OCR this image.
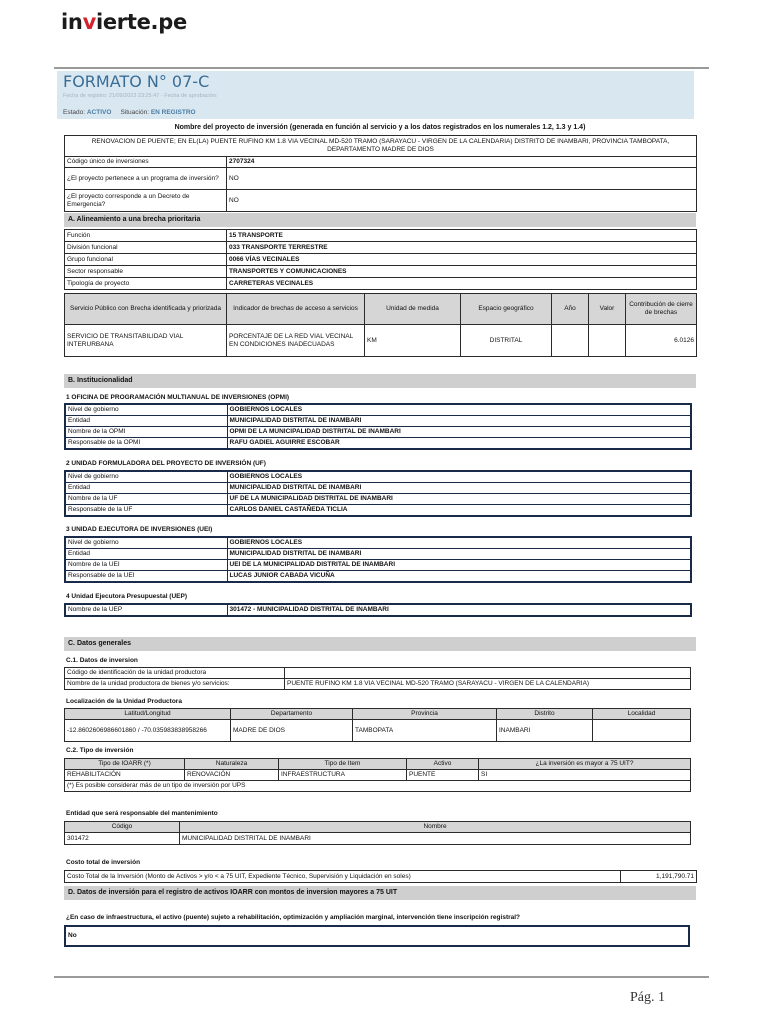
invierte.pe
FORMATO N° 07-C
Fecha de registro: 21/09/2023 23:25:47 - Fecha de aprobación:
Estado: ACTIVO Situación: EN REGISTRO
Nombre del proyecto de inversión (generada en función al servicio y a los datos registrados en los numerales 1.2, 1.3 y 1.4)
RENOVACION DE PUENTE; EN EL(LA) PUENTE RUFINO KM 1.8 VIA VECINAL MD-520 TRAMO (SARAYACU - VIRGEN DE LA CALENDARIA) DISTRITO DE INAMBARI, PROVINCIA TAMBOPATA, DEPARTAMENTO MADRE DE DIOS	
Código único de inversiones	2707324
¿El proyecto pertenece a un programa de inversión?	NO
¿El proyecto corresponde a un Decreto de Emergencia?	NO
A. Alineamiento a una brecha prioritaria
Función	15 TRANSPORTE
División funcional	033 TRANSPORTE TERRESTRE
Grupo funcional	0066 VÍAS VECINALES
Sector responsable	TRANSPORTES Y COMUNICACIONES
Tipología de proyecto	CARRETERAS VECINALES
Servicio Público con Brecha identificada y priorizada	Indicador de brechas de acceso a servicios	Unidad de medida	Espacio geográfico	Año	Valor	Contribución de cierre de brechas
SERVICIO DE TRANSITABILIDAD VIAL INTERURBANA	PORCENTAJE DE LA RED VIAL VECINAL EN CONDICIONES INADECUADAS	KM	DISTRITAL			6.0126
B. Institucionalidad
1 OFICINA DE PROGRAMACIÓN MULTIANUAL DE INVERSIONES (OPMI)
Nivel de gobierno	GOBIERNOS LOCALES
Entidad	MUNICIPALIDAD DISTRITAL DE INAMBARI
Nombre de la OPMI	OPMI DE LA MUNICIPALIDAD DISTRITAL DE INAMBARI
Responsable de la OPMI	RAFU GADIEL AGUIRRE ESCOBAR
2 UNIDAD FORMULADORA DEL PROYECTO DE INVERSIÓN (UF)
Nivel de gobierno	GOBIERNOS LOCALES
Entidad	MUNICIPALIDAD DISTRITAL DE INAMBARI
Nombre de la UF	UF DE LA MUNICIPALIDAD DISTRITAL DE INAMBARI
Responsable de la UF	CARLOS DANIEL CASTAÑEDA TICLIA
3 UNIDAD EJECUTORA DE INVERSIONES (UEI)
Nivel de gobierno	GOBIERNOS LOCALES
Entidad	MUNICIPALIDAD DISTRITAL DE INAMBARI
Nombre de la UEI	UEI DE LA MUNICIPALIDAD DISTRITAL DE INAMBARI
Responsable de la UEI	LUCAS JUNIOR CABADA VICUÑA
4 Unidad Ejecutora Presupuestal (UEP)
Nombre de la UEP	301472 - MUNICIPALIDAD DISTRITAL DE INAMBARI
C. Datos generales
C.1. Datos de inversion
Código de identificación de la unidad productora	
Nombre de la unidad productora de bienes y/o servicios:	PUENTE RUFINO KM 1.8 VIA VECINAL MD-520 TRAMO (SARAYACU - VIRGEN DE LA CALENDARIA)
Localización de la Unidad Productora
Latitud/Longitud	Departamento	Provincia	Distrito	Localidad
-12.8602606986601860 / -70.035983838958266	MADRE DE DIOS	TAMBOPATA	INAMBARI	
C.2. Tipo de inversión
Tipo de IOARR (*)	Naturaleza	Tipo de Item	Activo	¿La inversión es mayor a 75 UIT?
REHABILITACIÓN	RENOVACIÓN	INFRAESTRUCTURA	PUENTE	SI
(*) Es posible considerar más de un tipo de inversión por UPS				
Entidad que será responsable del mantenimiento
Código	Nombre
301472	MUNICIPALIDAD DISTRITAL DE INAMBARI
Costo total de inversión
Costo Total de la Inversión (Monto de Activos > y/o < a 75 UIT, Expediente Técnico, Supervisión y Liquidación en soles)	1,191,790.71
D. Datos de inversión para el registro de activos IOARR con montos de inversion mayores a 75 UIT
¿En caso de infraestructura, el activo (puente) sujeto a rehabilitación, optimización y ampliación marginal, intervención tiene inscripción registral?
No
Pág. 1
